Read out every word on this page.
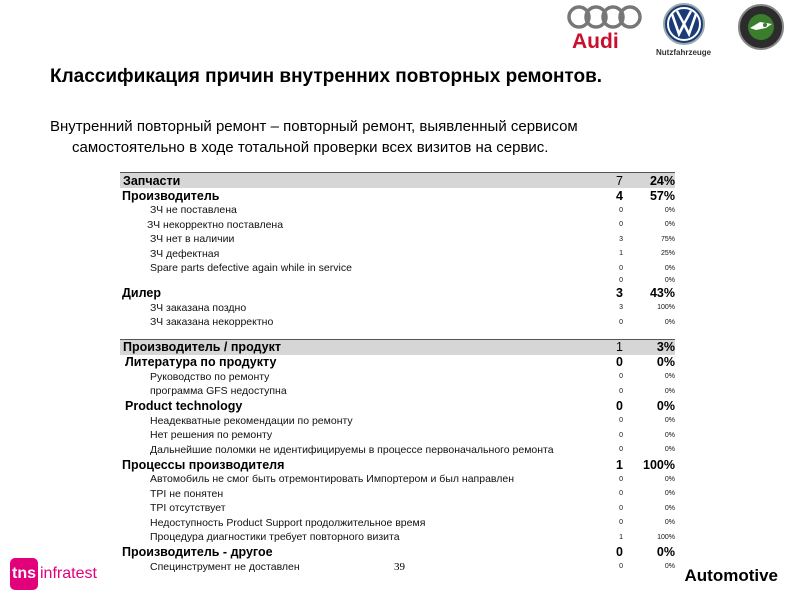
Audi	Nutzfahrzeuge
Классификация причин внутренних повторных ремонтов.
Внутренний повторный ремонт – повторный ремонт, выявленный сервисом
самостоятельно в ходе тотальной проверки всех визитов на сервис.
Запчасти	7	24%
Производитель	4	57%
ЗЧ не поставлена	0	0%
ЗЧ некорректно поставлена	0	0%
ЗЧ нет в наличии	3	75%
ЗЧ дефектная	1	25%
Spare parts defective again while in service	0	0%
	0	0%
Дилер	3	43%
ЗЧ заказана поздно	3	100%
ЗЧ заказана некорректно	0	0%

Производитель / продукт	1	3%
Литература по продукту	0	0%
Руководство по ремонту	0	0%
программа GFS недоступна	0	0%
Product technology	0	0%
Неадекватные рекомендации по ремонту	0	0%
Нет решения по ремонту	0	0%
Дальнейшие поломки не идентифицируемы в процессе первоначального ремонта	0	0%
Процессы производителя	1	100%
Автомобиль не смог быть отремонтировать Импортером и был направлен	0	0%
TPI не понятен	0	0%
TPI отсутствует	0	0%
Недоступность Product Support продолжительное время	0	0%
Процедура диагностики требует повторного визита	1	100%
Производитель - другое	0	0%
Специнструмент не доставлен	0	0%
tns infratest	39	Automotive
